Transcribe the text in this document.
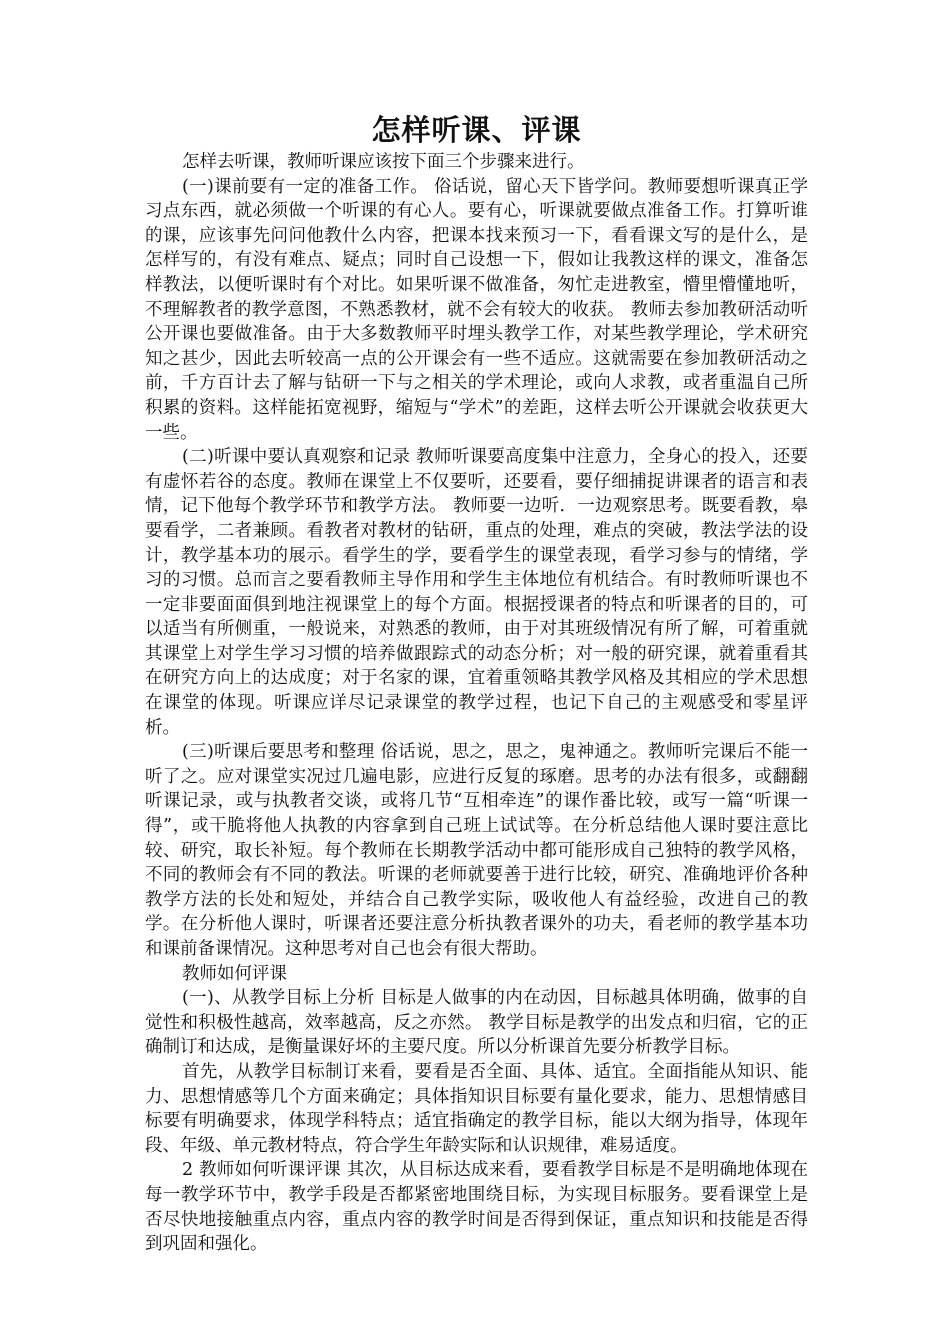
怎样听课、评课

怎样去听课，教师听课应该按下面三个步骤来进行。

(一)课前要有一定的准备工作。 俗话说，留心天下皆学问。教师要想听课真正学习点东西，就必须做一个听课的有心人。要有心，听课就要做点准备工作。打算听谁的课，应该事先问问他教什么内容，把课本找来预习一下，看看课文写的是什么，是怎样写的，有没有难点、疑点；同时自己设想一下，假如让我教这样的课文，准备怎样教法，以便听课时有个对比。如果听课不做准备，匆忙走进教室，懵里懵懂地听，不理解教者的教学意图，不熟悉教材，就不会有较大的收获。 教师去参加教研活动听公开课也要做准备。由于大多数教师平时埋头教学工作，对某些教学理论，学术研究知之甚少，因此去听较高一点的公开课会有一些不适应。这就需要在参加教研活动之前，千方百计去了解与钻研一下与之相关的学术理论，或向人求教，或者重温自己所积累的资料。这样能拓宽视野，缩短与“学术”的差距，这样去听公开课就会收获更大一些。

(二)听课中要认真观察和记录 教师听课要高度集中注意力，全身心的投入，还要有虚怀若谷的态度。教师在课堂上不仅要听，还要看，要仔细捕捉讲课者的语言和表情，记下他每个教学环节和教学方法。 教师要一边听．一边观察思考。既要看教，皋要看学，二者兼顾。看教者对教材的钻研，重点的处理，难点的突破，教法学法的设计，教学基本功的展示。看学生的学，要看学生的课堂表现，看学习参与的情绪，学习的习惯。总而言之要看教师主导作用和学生主体地位有机结合。有时教师听课也不一定非要面面俱到地注视课堂上的每个方面。根据授课者的特点和听课者的目的，可以适当有所侧重，一般说来，对熟悉的教师，由于对其班级情况有所了解，可着重就其课堂上对学生学习习惯的培养做跟踪式的动态分析；对一般的研究课，就着重看其在研究方向上的达成度；对于名家的课，宜着重领略其教学风格及其相应的学术思想在课堂的体现。听课应详尽记录课堂的教学过程，也记下自己的主观感受和零星评析。

(三)听课后要思考和整理 俗话说，思之，思之，鬼神通之。教师听完课后不能一听了之。应对课堂实况过几遍电影，应进行反复的琢磨。思考的办法有很多，或翻翻听课记录，或与执教者交谈，或将几节“互相牵连”的课作番比较，或写一篇“听课一得”，或干脆将他人执教的内容拿到自己班上试试等。在分析总结他人课时要注意比较、研究，取长补短。每个教师在长期教学活动中都可能形成自己独特的教学风格，不同的教师会有不同的教法。听课的老师就要善于进行比较，研究、准确地评价各种教学方法的长处和短处，并结合自己教学实际，吸收他人有益经验，改进自己的教学。在分析他人课时，听课者还要注意分析执教者课外的功夫，看老师的教学基本功和课前备课情况。这种思考对自己也会有很大帮助。

教师如何评课

(一)、从教学目标上分析 目标是人做事的内在动因，目标越具体明确，做事的自觉性和积极性越高，效率越高，反之亦然。 教学目标是教学的出发点和归宿，它的正确制订和达成，是衡量课好坏的主要尺度。所以分析课首先要分析教学目标。

首先，从教学目标制订来看，要看是否全面、具体、适宜。全面指能从知识、能力、思想情感等几个方面来确定；具体指知识目标要有量化要求，能力、思想情感目标要有明确要求，体现学科特点；适宜指确定的教学目标，能以大纲为指导，体现年段、年级、单元教材特点，符合学生年龄实际和认识规律，难易适度。

2 教师如何听课评课 其次，从目标达成来看，要看教学目标是不是明确地体现在每一教学环节中，教学手段是否都紧密地围绕目标，为实现目标服务。要看课堂上是否尽快地接触重点内容，重点内容的教学时间是否得到保证，重点知识和技能是否得到巩固和强化。
